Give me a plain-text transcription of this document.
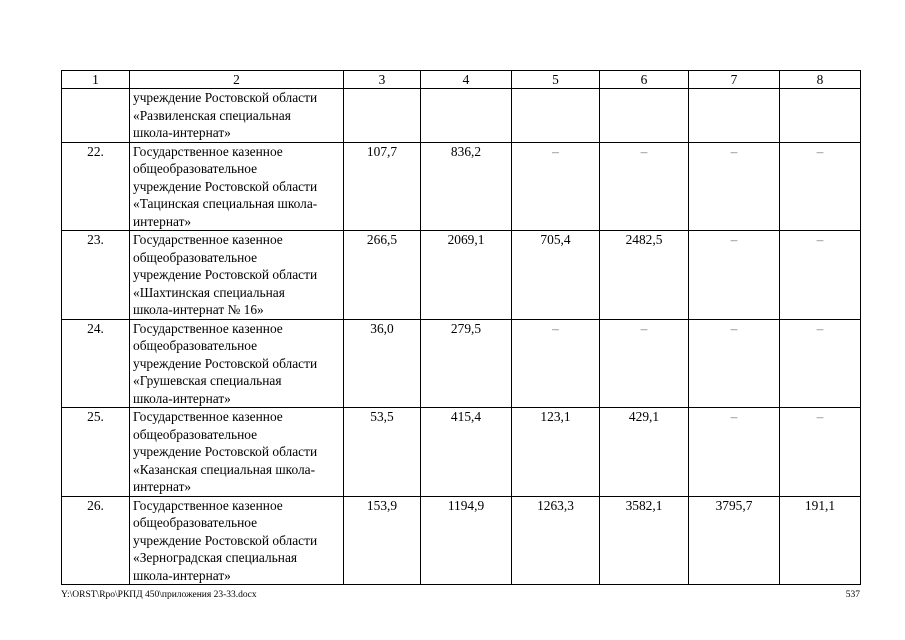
1	2	3	4	5	6	7	8
	учреждение Ростовской области
«Развиленская специальная
школа-интернат»						
22.	Государственное казенное
общеобразовательное
учреждение Ростовской области
«Тацинская специальная школа-
интернат»	107,7	836,2	–	–	–	–
23.	Государственное казенное
общеобразовательное
учреждение Ростовской области
«Шахтинская специальная
школа-интернат № 16»	266,5	2069,1	705,4	2482,5	–	–
24.	Государственное казенное
общеобразовательное
учреждение Ростовской области
«Грушевская специальная
школа-интернат»	36,0	279,5	–	–	–	–
25.	Государственное казенное
общеобразовательное
учреждение Ростовской области
«Казанская специальная школа-
интернат»	53,5	415,4	123,1	429,1	–	–
26.	Государственное казенное
общеобразовательное
учреждение Ростовской области
«Зерноградская специальная
школа-интернат»	153,9	1194,9	1263,3	3582,1	3795,7	191,1
Y:\ORST\Rpo\РКПД 450\приложения 23-33.docx	537
